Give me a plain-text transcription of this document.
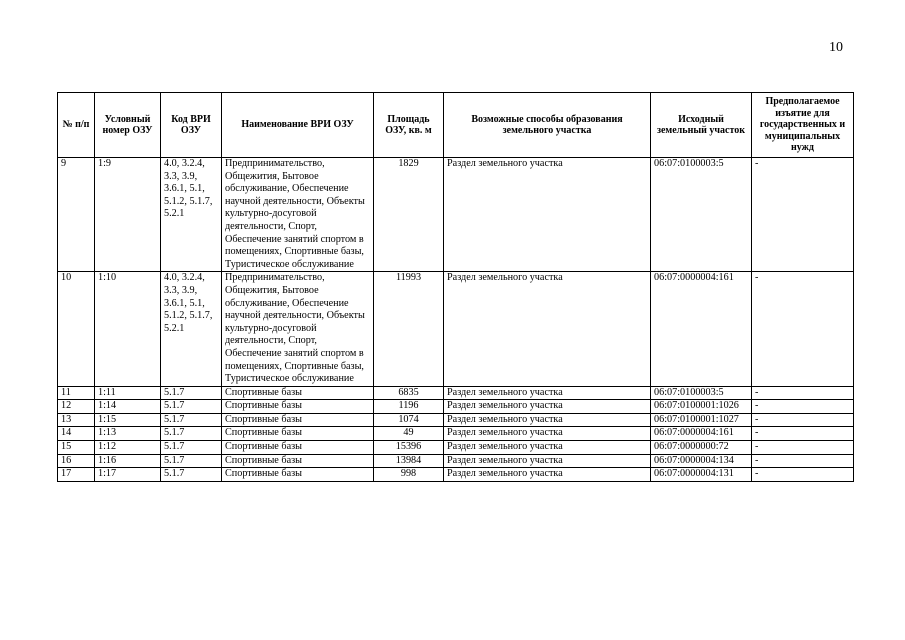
10
№ п/п	Условный номер ОЗУ	Код ВРИ ОЗУ	Наименование ВРИ ОЗУ	Площадь ОЗУ, кв. м	Возможные способы образования земельного участка	Исходный земельный участок	Предполагаемое изъятие для государственных и муниципальных нужд
9	1:9	4.0, 3.2.4, 3.3, 3.9, 3.6.1, 5.1, 5.1.2, 5.1.7, 5.2.1	Предпринимательство, Общежития, Бытовое обслуживание, Обеспечение научной деятельности, Объекты культурно-досуговой деятельности, Спорт, Обеспечение занятий спортом в помещениях, Спортивные базы, Туристическое обслуживание	1829	Раздел земельного участка	06:07:0100003:5	-
10	1:10	4.0, 3.2.4, 3.3, 3.9, 3.6.1, 5.1, 5.1.2, 5.1.7, 5.2.1	Предпринимательство, Общежития, Бытовое обслуживание, Обеспечение научной деятельности, Объекты культурно-досуговой деятельности, Спорт, Обеспечение занятий спортом в помещениях, Спортивные базы, Туристическое обслуживание	11993	Раздел земельного участка	06:07:0000004:161	-
11	1:11	5.1.7	Спортивные базы	6835	Раздел земельного участка	06:07:0100003:5	-
12	1:14	5.1.7	Спортивные базы	1196	Раздел земельного участка	06:07:0100001:1026	-
13	1:15	5.1.7	Спортивные базы	1074	Раздел земельного участка	06:07:0100001:1027	-
14	1:13	5.1.7	Спортивные базы	49	Раздел земельного участка	06:07:0000004:161	-
15	1:12	5.1.7	Спортивные базы	15396	Раздел земельного участка	06:07:0000000:72	-
16	1:16	5.1.7	Спортивные базы	13984	Раздел земельного участка	06:07:0000004:134	-
17	1:17	5.1.7	Спортивные базы	998	Раздел земельного участка	06:07:0000004:131	-
